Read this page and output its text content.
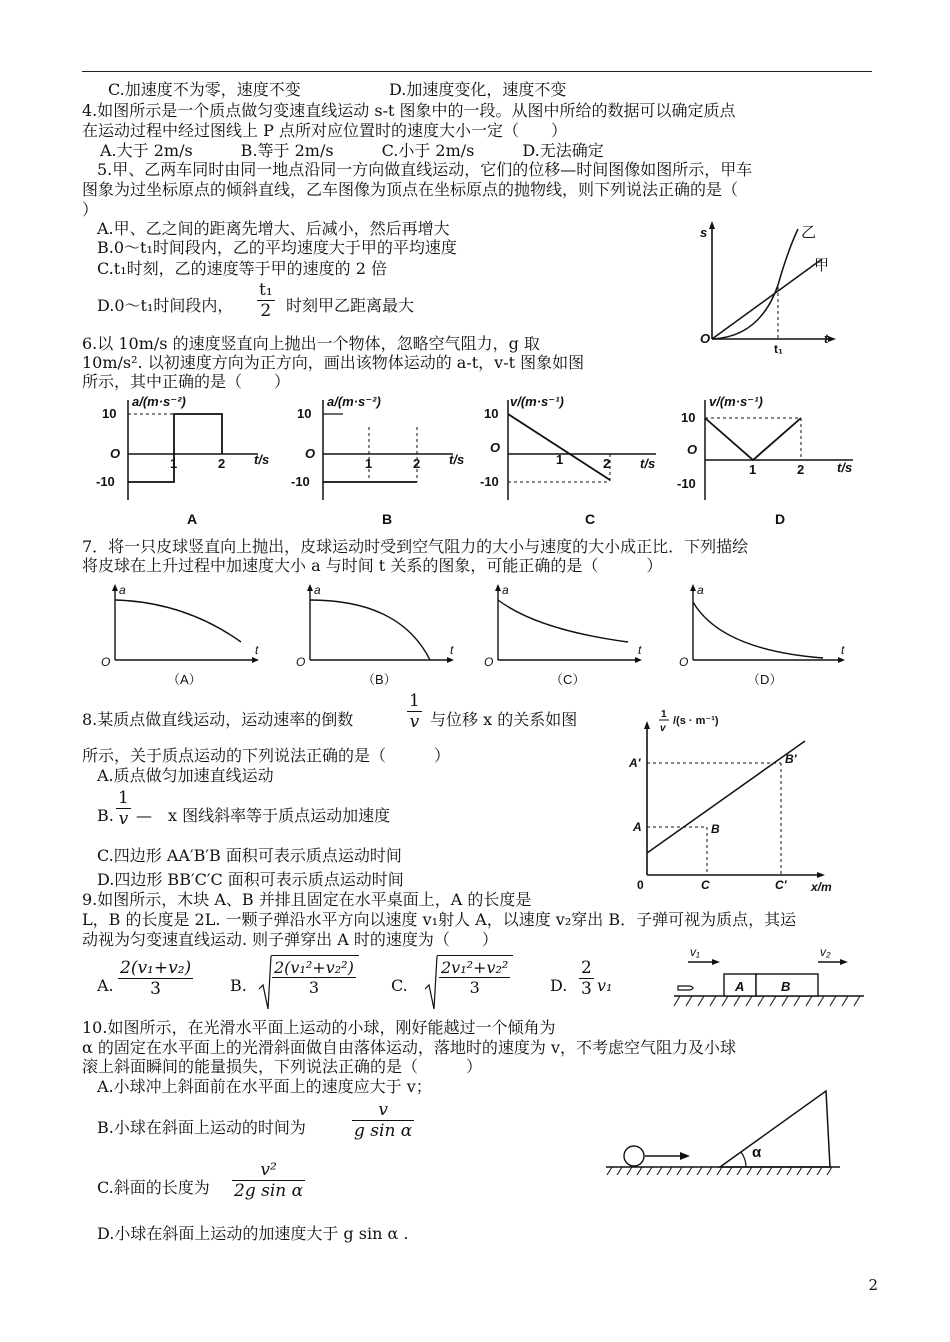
C.加速度不为零，速度不变	D.加速度变化，速度不变
4.如图所示是一个质点做匀变速直线运动 s-t 图象中的一段。从图中所给的数据可以确定质点
在运动过程中经过图线上 P 点所对应位置时的速度大小一定（　　）
A.大于 2m/s　　　B.等于 2m/s　　　C.小于 2m/s　　　D.无法确定
5.甲、乙两车同时由同一地点沿同一方向做直线运动，它们的位移—时间图像如图所示，甲车
图象为过坐标原点的倾斜直线，乙车图像为顶点在坐标原点的抛物线，则下列说法正确的是（
）
A.甲、乙之间的距离先增大、后减小，然后再增大
B.0～t₁时间段内，乙的平均速度大于甲的平均速度
C.t₁时刻，乙的速度等于甲的速度的 2 倍
D.0～t₁时间段内， $\frac{\text{t₁}}{2}$ 时刻甲乙距离最大
s
t
O
t₁
乙
甲
6.以 10m/s 的速度竖直向上抛出一个物体，忽略空气阻力，g 取
10m/s². 以初速度方向为正方向，画出该物体运动的 a-t，v-t 图象如图
所示，其中正确的是（　　）
a/(m·s⁻²)
t/s
10
-10
O
1	2
A
a/(m·s⁻²)
t/s
10
-10
O
1	2
B
v/(m·s⁻¹)
t/s
10
-10
O
1	2
C
v/(m·s⁻¹)
t/s
10
-10
O
1	2
D
7．将一只皮球竖直向上抛出，皮球运动时受到空气阻力的大小与速度的大小成正比．下列描绘
将皮球在上升过程中加速度大小 a 与时间 t 关系的图象，可能正确的是（　　　）
a
t
O
（A）
a
t
O
（B）
a
t
O
（C）
a
t
O
（D）
8.某质点做直线运动，运动速率的倒数	$\frac{1}{v}$ 与位移 x 的关系如图
所示，关于质点运动的下列说法正确的是（　　　）
A.质点做匀加速直线运动
B. $\frac{1}{v}$ —　x 图线斜率等于质点运动加速度
C.四边形 AA′B′B 面积可表示质点运动时间
D.四边形 BB′C′C 面积可表示质点运动时间
1
v
/(s · m⁻¹)
x/m
0
A′
A	B
B′
C	C′
9.如图所示，木块 A、B 并排且固定在水平桌面上，A 的长度是
L，B 的长度是 2L. 一颗子弹沿水平方向以速度 v₁射人 A，以速度 v₂穿出 B．子弹可视为质点，其运
动视为匀变速直线运动. 则子弹穿出 A 时的速度为（　　）
A. $\frac{\text{2(v₁+v₂)}}{3} B$. $\frac{\text{2(v₁²+v₂²)}}{3} C$. $\frac{\text{2v₁²+v₂²}}{3} D$. $\frac{2}{3} v_1$
v₁	v₂
A	B
10.如图所示，在光滑水平面上运动的小球，刚好能越过一个倾角为
α 的固定在水平面上的光滑斜面做自由落体运动，落地时的速度为 v，不考虑空气阻力及小球
滚上斜面瞬间的能量损失，下列说法正确的是（　　　）
A.小球冲上斜面前在水平面上的速度应大于 v；
B.小球在斜面上运动的时间为	$\frac{v}{\text{g sin α}}$
C.斜面的长度为 $\frac{\text{v²}}{\text{2g sin α}}$
D.小球在斜面上运动的加速度大于 g sin α .
α
2
